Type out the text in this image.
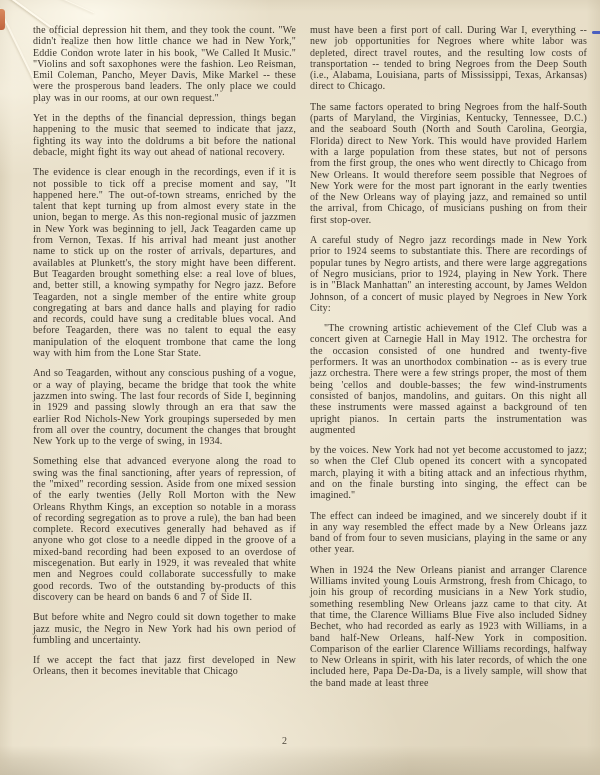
the official depression hit them, and they took the count. "We didn't realize then how little chance we had in New York," Eddie Condon wrote later in his book, "We Called It Music." "Violins and soft saxophones were the fashion. Leo Reisman, Emil Coleman, Pancho, Meyer Davis, Mike Markel -- these were the prosperous band leaders. The only place we could play was in our rooms, at our own request."

Yet in the depths of the financial depression, things began happening to the music that seemed to indicate that jazz, fighting its way into the doldrums a bit before the national debacle, might fight its way out ahead of national recovery.

The evidence is clear enough in the recordings, even if it is not possible to tick off a precise moment and say, "It happened here." The out-of-town streams, enriched by the talent that kept turning up from almost every state in the union, began to merge. As this non-regional music of jazzmen in New York was beginning to jell, Jack Teagarden came up from Vernon, Texas. If his arrival had meant just another name to stick up on the roster of arrivals, departures, and availables at Plunkett's, the story might have been different. But Teagarden brought something else: a real love of blues, and, better still, a knowing sympathy for Negro jazz. Before Teagarden, not a single member of the entire white group congregating at bars and dance halls and playing for radio and records, could have sung a creditable blues vocal. And before Teagarden, there was no talent to equal the easy manipulation of the eloquent trombone that came the long way with him from the Lone Star State.

And so Teagarden, without any conscious pushing of a vogue, or a way of playing, became the bridge that took the white jazzmen into swing. The last four records of Side I, beginning in 1929 and passing slowly through an era that saw the earlier Rod Nichols-New York groupings superseded by men from all over the country, document the changes that brought New York up to the verge of swing, in 1934.

Something else that advanced everyone along the road to swing was the final sanctioning, after years of repression, of the "mixed" recording session. Aside from one mixed session of the early twenties (Jelly Roll Morton with the New Orleans Rhythm Kings, an exception so notable in a morass of recording segregation as to prove a rule), the ban had been complete. Record executives generally had behaved as if anyone who got close to a needle dipped in the groove of a mixed-band recording had been exposed to an overdose of miscegenation. But early in 1929, it was revealed that white men and Negroes could collaborate successfully to make good records. Two of the outstanding by-products of this discovery can be heard on bands 6 and 7 of Side II.

But before white and Negro could sit down together to make jazz music, the Negro in New York had his own period of fumbling and uncertainty.

If we accept the fact that jazz first developed in New Orleans, then it becomes inevitable that Chicago

must have been a first port of call. During War I, everything -- new job opportunities for Negroes where white labor was depleted, direct travel routes, and the resulting low costs of transportation -- tended to bring Negroes from the Deep South (i.e., Alabama, Louisiana, parts of Mississippi, Texas, Arkansas) direct to Chicago.

The same factors operated to bring Negroes from the half-South (parts of Maryland, the Virginias, Kentucky, Tennessee, D.C.) and the seaboard South (North and South Carolina, Georgia, Florida) direct to New York. This would have provided Harlem with a large population from these states, but not of persons from the first group, the ones who went directly to Chicago from New Orleans. It would therefore seem possible that Negroes of New York were for the most part ignorant in the early twenties of the New Orleans way of playing jazz, and remained so until the arrival, from Chicago, of musicians pushing on from their first stop-over.

A careful study of Negro jazz recordings made in New York prior to 1924 seems to substantiate this. There are recordings of popular tunes by Negro artists, and there were large aggregations of Negro musicians, prior to 1924, playing in New York. There is in "Black Manhattan" an interesting account, by James Weldon Johnson, of a concert of music played by Negroes in New York City:

"The crowning artistic achievement of the Clef Club was a concert given at Carnegie Hall in May 1912. The orchestra for the occasion consisted of one hundred and twenty-five performers. It was an unorthodox combination -- as is every true jazz orchestra. There were a few strings proper, the most of them being 'cellos and double-basses; the few wind-instruments consisted of banjos, mandolins, and guitars. On this night all these instruments were massed against a background of ten upright pianos. In certain parts the instrumentation was augmented

by the voices. New York had not yet become accustomed to jazz; so when the Clef Club opened its concert with a syncopated march, playing it with a biting attack and an infectious rhythm, and on the finale bursting into singing, the effect can be imagined."

The effect can indeed be imagined, and we sincerely doubt if it in any way resembled the effect made by a New Orleans jazz band of from four to seven musicians, playing in the same or any other year.

When in 1924 the New Orleans pianist and arranger Clarence Williams invited young Louis Armstrong, fresh from Chicago, to join his group of recording musicians in a New York studio, something resembling New Orleans jazz came to that city. At that time, the Clarence Williams Blue Five also included Sidney Bechet, who had recorded as early as 1923 with Williams, in a band half-New Orleans, half-New York in composition. Comparison of the earlier Clarence Williams recordings, halfway to New Orleans in spirit, with his later records, of which the one included here, Papa De-Da-Da, is a lively sample, will show that the band made at least three

2
